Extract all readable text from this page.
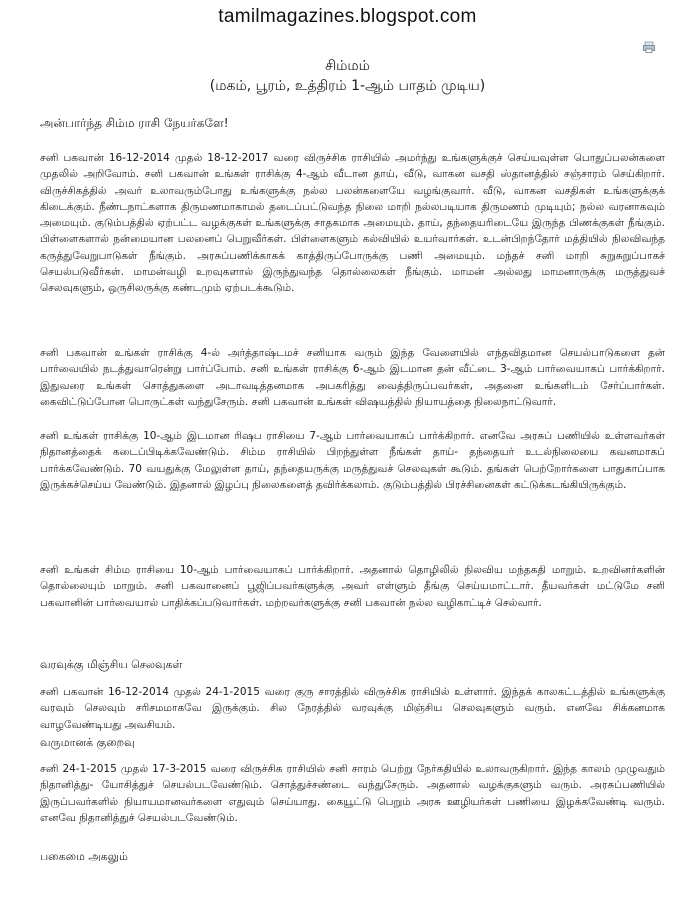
tamilmagazines.blogspot.com
சிம்மம்
(மகம், பூரம், உத்திரம் 1-ஆம் பாதம் முடிய)
அன்பார்ந்த சிம்ம ராசி நேயர்களே!

சனி பகவான் 16-12-2014 முதல் 18-12-2017 வரை விருச்சிக ராசியில் அமர்ந்து உங்களுக்குச் செய்யவுள்ள பொதுப்பலன்களை முதலில் அறிவோம். சனி பகவான் உங்கள் ராசிக்கு 4-ஆம் வீடான தாய், வீடு, வாகன வசதி ஸ்தானத்தில் சஞ்சாரம் செய்கிறார். விருச்சிகத்தில் அவர் உலாவரும்போது உங்களுக்கு நல்ல பலன்களையே வழங்குவார். வீடு, வாகன வசதிகள் உங்களுக்குக் கிடைக்கும். நீண்டநாட்களாக திருமணமாகாமல் தடைப்பட்டுவந்த நிலை மாறி நல்லபடியாக திருமணம் முடியும்; நல்ல வரனாகவும் அமையும். குடும்பத்தில் ஏற்பட்ட வழக்குகள் உங்களுக்கு சாதகமாக அமையும். தாய், தந்தையரிடையே இருந்த பிணக்குகள் நீங்கும். பிள்ளைகளால் நன்மையான பலனைப் பெறுவீர்கள். பிள்ளைகளும் கல்வியில் உயர்வார்கள். உடன்பிறந்தோர் மத்தியில் நிலவிவந்த கருத்துவேறுபாடுகள் நீங்கும். அரசுப்பணிக்காகக் காத்திருப்போருக்கு பணி அமையும். மந்தச் சனி மாறி சுறுசுறுப்பாகச் செயல்படுவீர்கள். மாமன்வழி உறவுகளால் இருந்துவந்த தொல்லைகள் நீங்கும். மாமன் அல்லது மாமனாருக்கு மருத்துவச் செலவுகளும், ஒருசிலருக்கு கண்டமும் ஏற்படக்கூடும்.

சனி பகவான் உங்கள் ராசிக்கு 4-ல் அர்த்தாஷ்டமச் சனியாக வரும் இந்த வேளையில் எந்தவிதமான செயல்பாடுகளை தன் பார்வையில் நடத்துவாரென்று பார்ப்போம். சனி உங்கள் ராசிக்கு 6-ஆம் இடமான தன் வீட்டை 3-ஆம் பார்வையாகப் பார்க்கிறார். இதுவரை உங்கள் சொத்துகளை அடாவடித்தனமாக அபகரித்து வைத்திருப்பவர்கள், அதனை உங்களிடம் சேர்ப்பார்கள். கைவிட்டுப்போன பொருட்கள் வந்துசேரும். சனி பகவான் உங்கள் விஷயத்தில் நியாயத்தை நிலைநாட்டுவார்.

சனி உங்கள் ராசிக்கு 10-ஆம் இடமான ரிஷப ராசியை 7-ஆம் பார்வையாகப் பார்க்கிறார். எனவே அரசுப் பணியில் உள்ளவர்கள் நிதானத்தைக் கடைப்பிடிக்கவேண்டும். சிம்ம ராசியில் பிறந்துள்ள நீங்கள் தாய்- தந்தையர் உடல்நிலையை கவனமாகப் பார்க்கவேண்டும். 70 வயதுக்கு மேலுள்ள தாய், தந்தையருக்கு மருத்துவச் செலவுகள் கூடும். தங்கள் பெற்றோர்களை பாதுகாப்பாக இருக்கச்செய்ய வேண்டும். இதனால் இழப்பு நிலைகளைத் தவிர்க்கலாம். குடும்பத்தில் பிரச்சினைகள் கட்டுக்கடங்கியிருக்கும்.

சனி உங்கள் சிம்ம ராசியை 10-ஆம் பார்வையாகப் பார்க்கிறார். அதனால் தொழிலில் நிலவிய மந்தகதி மாறும். உறவினர்களின் தொல்லையும் மாறும். சனி பகவானைப் பூஜிப்பவர்களுக்கு அவர் எள்ளும் தீங்கு செய்யமாட்டார். தீயவர்கள் மட்டுமே சனி பகவானின் பார்வையால் பாதிக்கப்படுவார்கள். மற்றவர்களுக்கு சனி பகவான் நல்ல வழிகாட்டிச் செல்வார்.

வரவுக்கு மிஞ்சிய செலவுகள்

சனி பகவான் 16-12-2014 முதல் 24-1-2015 வரை குரு சாரத்தில் விருச்சிக ராசியில் உள்ளார். இந்தக் காலகட்டத்தில் உங்களுக்கு வரவும் செலவும் சரிசமமாகவே இருக்கும். சில நேரத்தில் வரவுக்கு மிஞ்சிய செலவுகளும் வரும். எனவே சிக்கனமாக வாழவேண்டியது அவசியம்.

வருமானக் குறைவு

சனி 24-1-2015 முதல் 17-3-2015 வரை விருச்சிக ராசியில் சனி சாரம் பெற்று நேர்கதியில் உலாவருகிறார். இந்த காலம் முழுவதும் நிதானித்து- யோசித்துச் செயல்படவேண்டும். சொத்துச்சண்டை வந்துசேரும். அதனால் வழக்குகளும் வரும். அரசுப்பணியில் இருப்பவர்களில் நியாயமானவர்களை எதுவும் செய்யாது. கையூட்டு பெறும் அரசு ஊழியர்கள் பணியை இழக்கவேண்டி வரும். எனவே நிதானித்துச் செயல்படவேண்டும்.

பகைமை அகலும்
